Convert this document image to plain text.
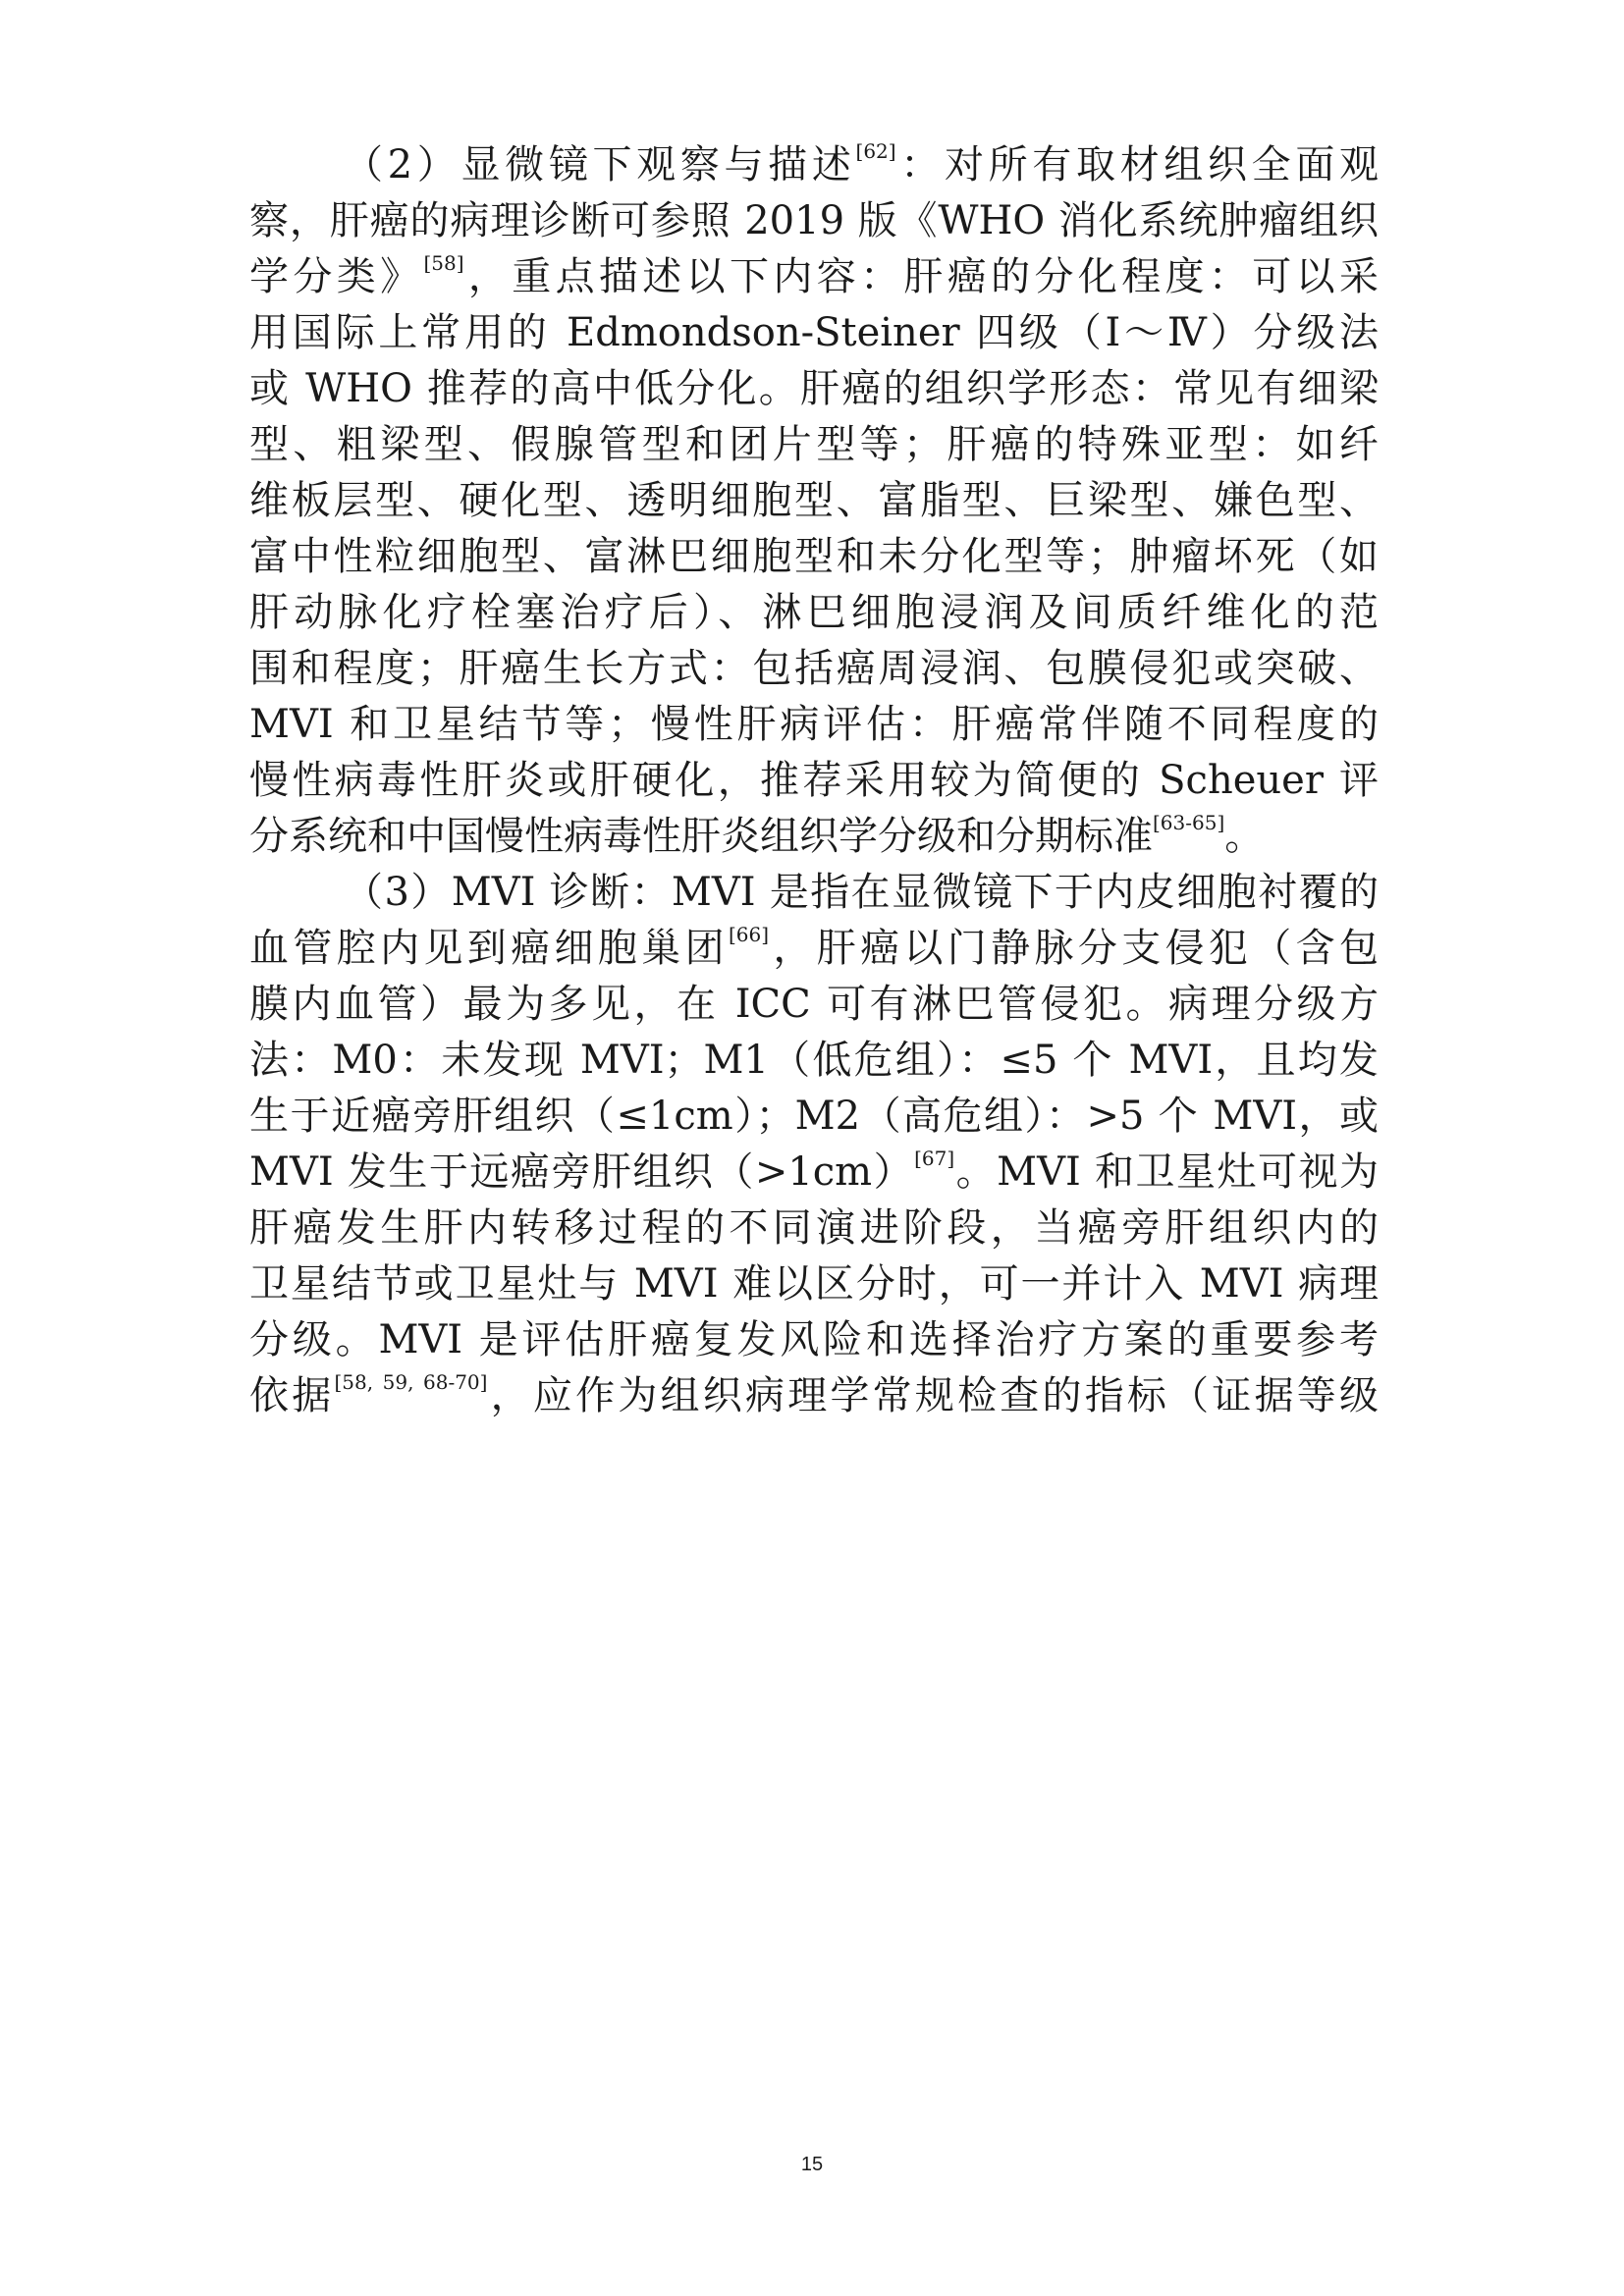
（2）显微镜下观察与描述[62]：对所有取材组织全面观
察，肝癌的病理诊断可参照 2019 版《WHO 消化系统肿瘤组织
学分类》[58]，重点描述以下内容：肝癌的分化程度：可以采
用国际上常用的 Edmondson-Steiner 四级（Ⅰ～Ⅳ）分级法
或 WHO 推荐的高中低分化。肝癌的组织学形态：常见有细梁
型、粗梁型、假腺管型和团片型等；肝癌的特殊亚型：如纤
维板层型、硬化型、透明细胞型、富脂型、巨梁型、嫌色型、
富中性粒细胞型、富淋巴细胞型和未分化型等；肿瘤坏死（如
肝动脉化疗栓塞治疗后）、淋巴细胞浸润及间质纤维化的范
围和程度；肝癌生长方式：包括癌周浸润、包膜侵犯或突破、
MVI 和卫星结节等；慢性肝病评估：肝癌常伴随不同程度的
慢性病毒性肝炎或肝硬化，推荐采用较为简便的 Scheuer 评
分系统和中国慢性病毒性肝炎组织学分级和分期标准[63-65]。
（3）MVI 诊断：MVI 是指在显微镜下于内皮细胞衬覆的
血管腔内见到癌细胞巢团[66]，肝癌以门静脉分支侵犯（含包
膜内血管）最为多见，在 ICC 可有淋巴管侵犯。病理分级方
法：M0：未发现 MVI；M1（低危组）：≤5 个 MVI，且均发
生于近癌旁肝组织（≤1cm）；M2（高危组）：>5 个 MVI，或
MVI 发生于远癌旁肝组织（>1cm）[67]。MVI 和卫星灶可视为
肝癌发生肝内转移过程的不同演进阶段，当癌旁肝组织内的
卫星结节或卫星灶与 MVI 难以区分时，可一并计入 MVI 病理
分级。MVI 是评估肝癌复发风险和选择治疗方案的重要参考
依据[58, 59, 68-70]，应作为组织病理学常规检查的指标（证据等级
15
